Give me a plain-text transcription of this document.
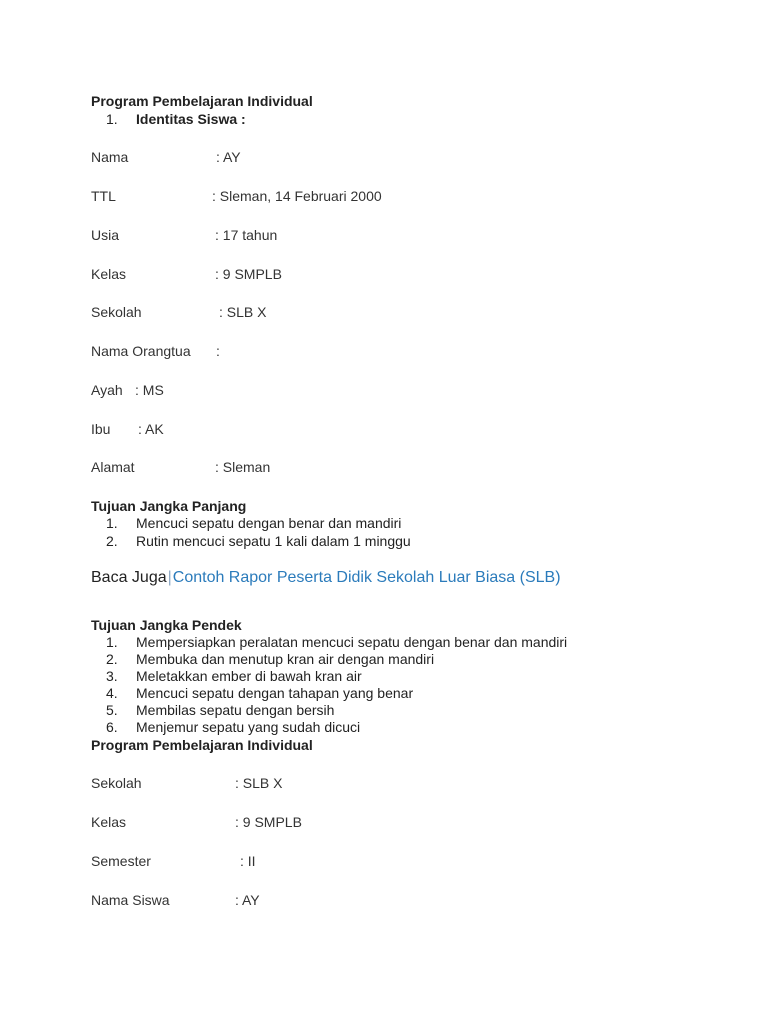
Program Pembelajaran Individual
1. Identitas Siswa :
Nama	: AY
TTL	: Sleman, 14 Februari 2000
Usia	: 17 tahun
Kelas	: 9 SMPLB
Sekolah	: SLB X
Nama Orangtua :
Ayah : MS
Ibu : AK
Alamat	: Sleman
Tujuan Jangka Panjang
1. Mencuci sepatu dengan benar dan mandiri
2. Rutin mencuci sepatu 1 kali dalam 1 minggu
Baca Juga|Contoh Rapor Peserta Didik Sekolah Luar Biasa (SLB)
Tujuan Jangka Pendek
1. Mempersiapkan peralatan mencuci sepatu dengan benar dan mandiri
2. Membuka dan menutup kran air dengan mandiri
3. Meletakkan ember di bawah kran air
4. Mencuci sepatu dengan tahapan yang benar
5. Membilas sepatu dengan bersih
6. Menjemur sepatu yang sudah dicuci
Program Pembelajaran Individual
Sekolah	: SLB X
Kelas	: 9 SMPLB
Semester	: II
Nama Siswa	: AY
